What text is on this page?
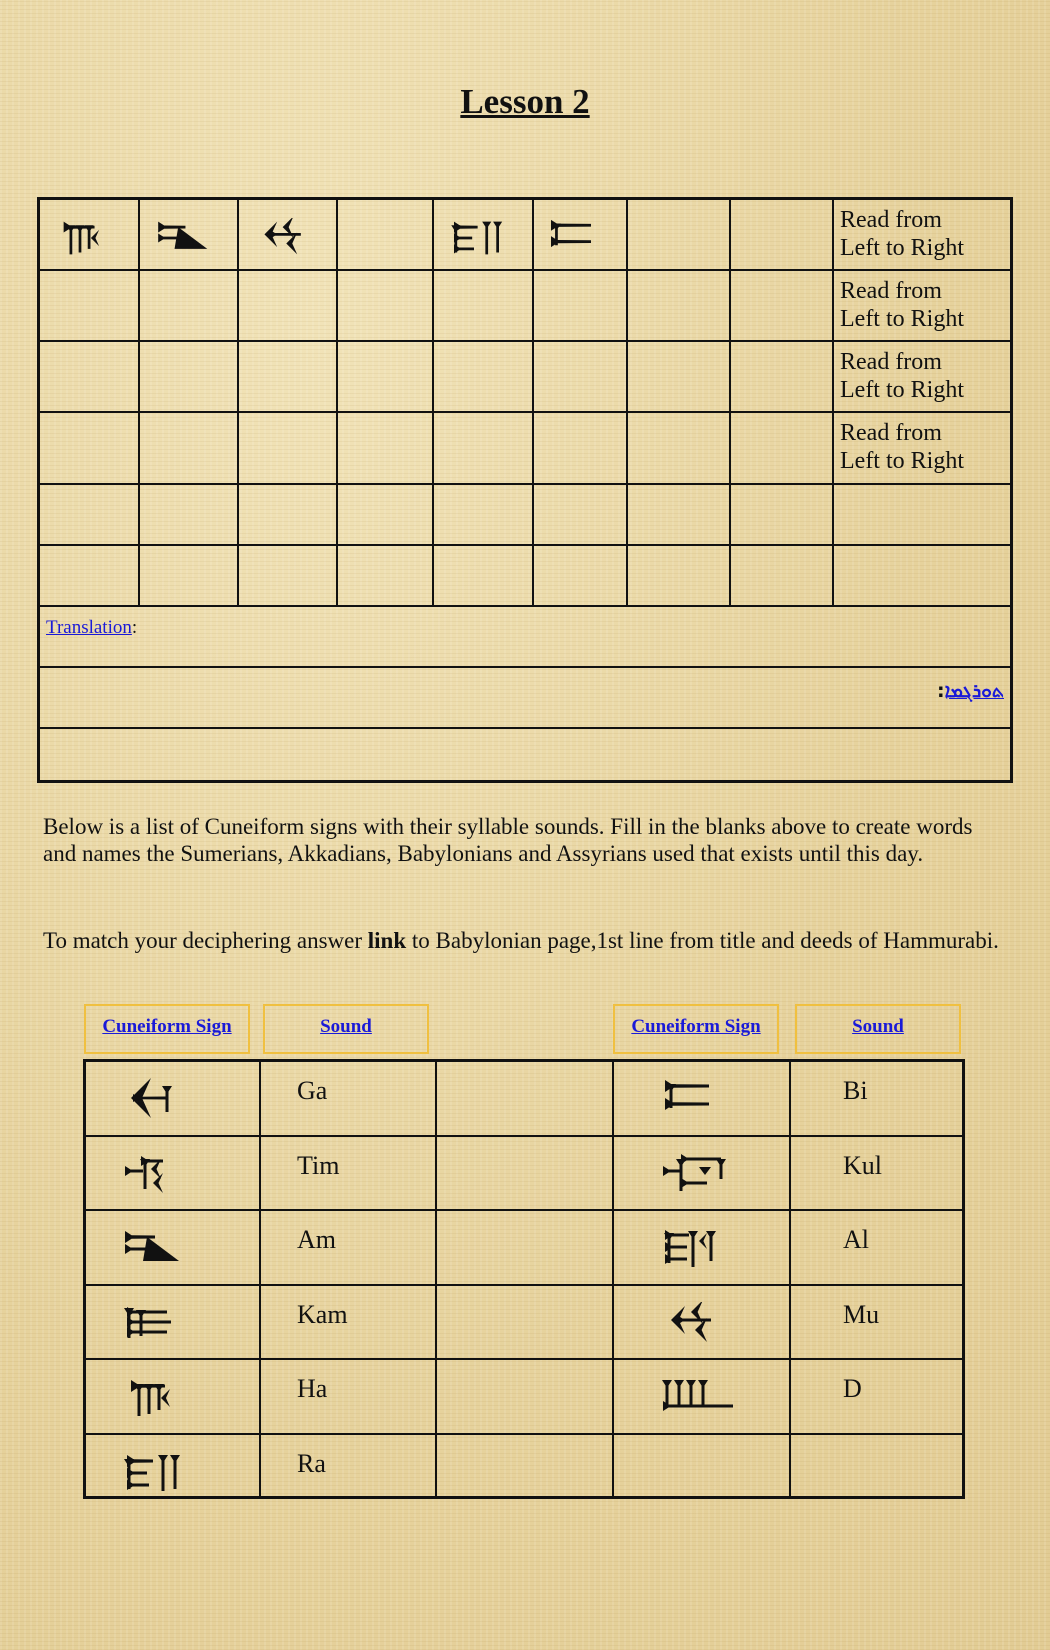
Lesson 2
Read from
Left to Right
Read from
Left to Right
Read from
Left to Right
Read from
Left to Right
Translation:
ܬܘܪܓܡܐ:
Below is a list of Cuneiform signs with their syllable sounds. Fill in the blanks above to create words and names the Sumerians, Akkadians, Babylonians and Assyrians used that exists until this day.
To match your deciphering answer link to Babylonian page,1st line from title and deeds of Hammurabi.
Cuneiform Sign	Sound	Cuneiform Sign	Sound
Ga	Bi
Tim	Kul
Am	Al
Kam	Mu
Ha	D
Ra
